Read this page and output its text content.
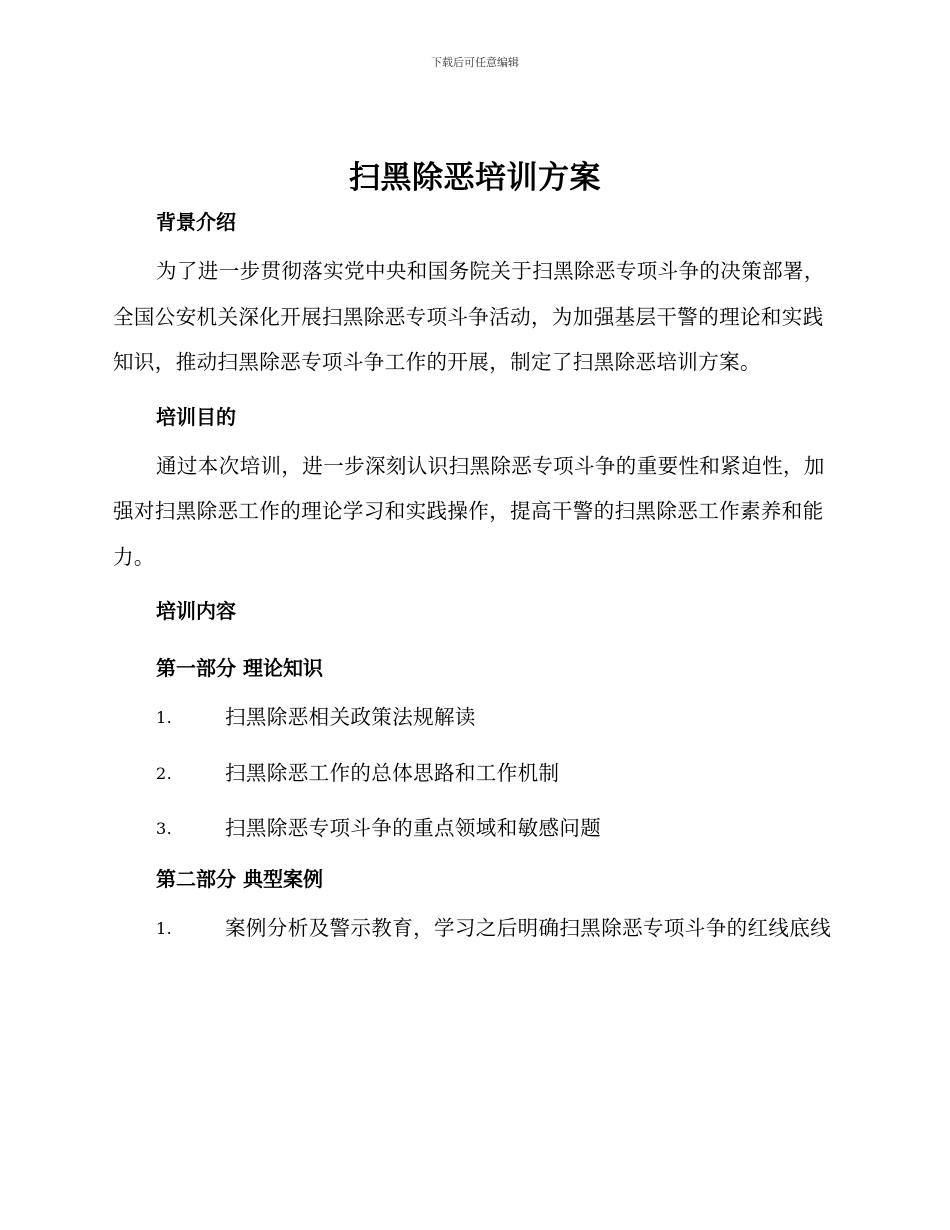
下载后可任意编辑
扫黑除恶培训方案
背景介绍

为了进一步贯彻落实党中央和国务院关于扫黑除恶专项斗争的决策部署，全国公安机关深化开展扫黑除恶专项斗争活动，为加强基层干警的理论和实践知识，推动扫黑除恶专项斗争工作的开展，制定了扫黑除恶培训方案。

培训目的

通过本次培训，进一步深刻认识扫黑除恶专项斗争的重要性和紧迫性，加强对扫黑除恶工作的理论学习和实践操作，提高干警的扫黑除恶工作素养和能力。

培训内容
第一部分 理论知识
1.	扫黑除恶相关政策法规解读
2.	扫黑除恶工作的总体思路和工作机制
3.	扫黑除恶专项斗争的重点领域和敏感问题
第二部分 典型案例
1.	案例分析及警示教育，学习之后明确扫黑除恶专项斗争的红线底线
